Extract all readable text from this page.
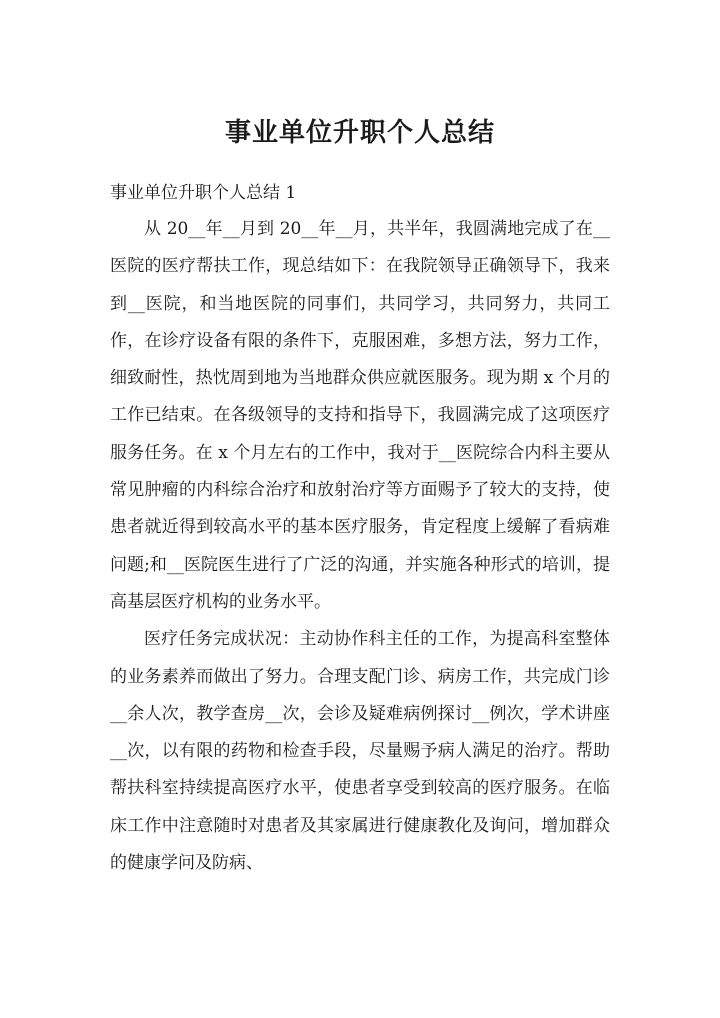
事业单位升职个人总结

事业单位升职个人总结 1

从 20__年__月到 20__年__月，共半年，我圆满地完成了在__医院的医疗帮扶工作，现总结如下：在我院领导正确领导下，我来到__医院，和当地医院的同事们，共同学习，共同努力，共同工作，在诊疗设备有限的条件下，克服困难，多想方法，努力工作，细致耐性，热忱周到地为当地群众供应就医服务。现为期 x 个月的工作已结束。在各级领导的支持和指导下，我圆满完成了这项医疗服务任务。在 x 个月左右的工作中，我对于__医院综合内科主要从常见肿瘤的内科综合治疗和放射治疗等方面赐予了较大的支持，使患者就近得到较高水平的基本医疗服务，肯定程度上缓解了看病难问题;和__医院医生进行了广泛的沟通，并实施各种形式的培训，提高基层医疗机构的业务水平。

医疗任务完成状况：主动协作科主任的工作，为提高科室整体的业务素养而做出了努力。合理支配门诊、病房工作，共完成门诊__余人次，教学查房__次，会诊及疑难病例探讨__例次，学术讲座__次，以有限的药物和检查手段，尽量赐予病人满足的治疗。帮助帮扶科室持续提高医疗水平，使患者享受到较高的医疗服务。在临床工作中注意随时对患者及其家属进行健康教化及询问，增加群众的健康学问及防病、
